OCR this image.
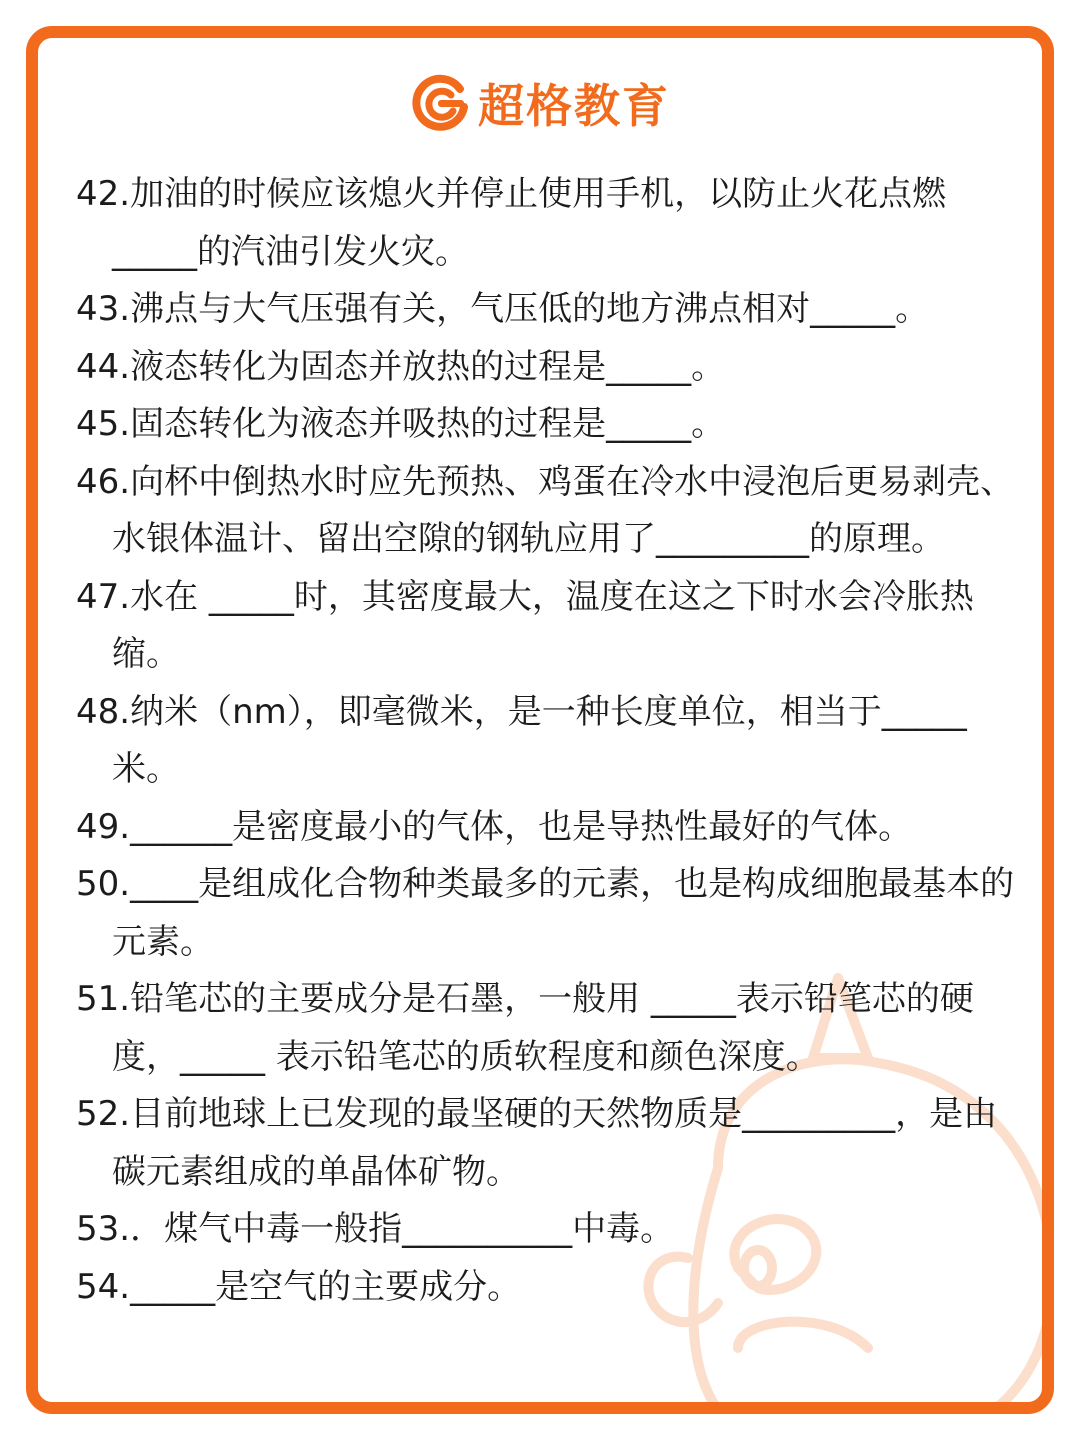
超格教育
42.加油的时候应该熄火并停止使用手机，以防止火花点燃_____的汽油引发火灾。
43.沸点与大气压强有关，气压低的地方沸点相对_____。
44.液态转化为固态并放热的过程是_____。
45.固态转化为液态并吸热的过程是_____。
46.向杯中倒热水时应先预热、鸡蛋在冷水中浸泡后更易剥壳、水银体温计、留出空隙的钢轨应用了_________的原理。
47.水在 _____时，其密度最大，温度在这之下时水会冷胀热缩。
48.纳米（nm），即毫微米，是一种长度单位，相当于_____米。
49.______是密度最小的气体，也是导热性最好的气体。
50.____是组成化合物种类最多的元素，也是构成细胞最基本的元素。
51.铅笔芯的主要成分是石墨，一般用 _____表示铅笔芯的硬度，_____ 表示铅笔芯的质软程度和颜色深度。
52.目前地球上已发现的最坚硬的天然物质是_________，是由碳元素组成的单晶体矿物。
53.．煤气中毒一般指__________中毒。
54._____是空气的主要成分。
